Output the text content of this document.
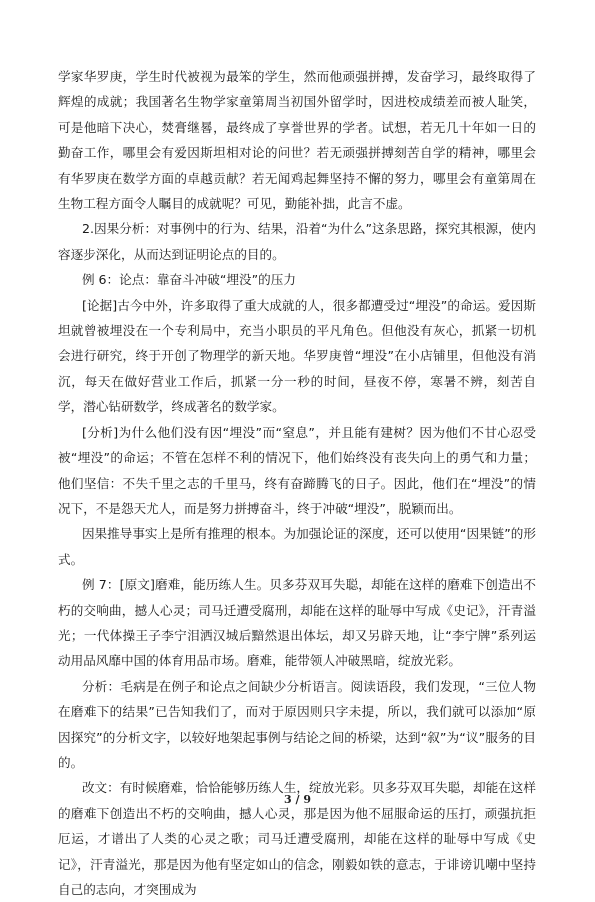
学家华罗庚，学生时代被视为最笨的学生，然而他顽强拼搏，发奋学习，最终取得了辉煌的成就；我国著名生物学家童第周当初国外留学时，因进校成绩差而被人耻笑，可是他暗下决心，焚膏继晷，最终成了享誉世界的学者。试想，若无几十年如一日的勤奋工作，哪里会有爱因斯坦相对论的问世？若无顽强拼搏刻苦自学的精神，哪里会有华罗庚在数学方面的卓越贡献？若无闻鸡起舞坚持不懈的努力，哪里会有童第周在生物工程方面令人瞩目的成就呢？可见，勤能补拙，此言不虚。

2.因果分析：对事例中的行为、结果，沿着“为什么”这条思路，探究其根源，使内容逐步深化，从而达到证明论点的目的。

例 6：论点：靠奋斗冲破“埋没”的压力

[论据]古今中外，许多取得了重大成就的人，很多都遭受过“埋没”的命运。爱因斯坦就曾被埋没在一个专利局中，充当小职员的平凡角色。但他没有灰心，抓紧一切机会进行研究，终于开创了物理学的新天地。华罗庚曾“埋没”在小店铺里，但他没有消沉，每天在做好营业工作后，抓紧一分一秒的时间，昼夜不停，寒暑不辨，刻苦自学，潜心钻研数学，终成著名的数学家。

[分析]为什么他们没有因“埋没”而“窒息”，并且能有建树？因为他们不甘心忍受被“埋没”的命运；不管在怎样不利的情况下，他们始终没有丧失向上的勇气和力量；他们坚信：不失千里之志的千里马，终有奋蹄腾飞的日子。因此，他们在“埋没”的情况下，不是怨天尤人，而是努力拼搏奋斗，终于冲破“埋没”，脱颖而出。

因果推导事实上是所有推理的根本。为加强论证的深度，还可以使用“因果链”的形式。

例 7：[原文]磨难，能历练人生。贝多芬双耳失聪，却能在这样的磨难下创造出不朽的交响曲，撼人心灵；司马迁遭受腐刑，却能在这样的耻辱中写成《史记》，汗青溢光；一代体操王子李宁泪洒汉城后黯然退出体坛，却又另辟天地，让“李宁牌”系列运动用品风靡中国的体育用品市场。磨难，能带领人冲破黑暗，绽放光彩。

分析：毛病是在例子和论点之间缺少分析语言。阅读语段，我们发现，“三位人物在磨难下的结果”已告知我们了，而对于原因则只字未提，所以，我们就可以添加“原因探究”的分析文字，以较好地架起事例与结论之间的桥梁，达到“叙”为“议”服务的目的。

改文：有时候磨难，恰恰能够历练人生，绽放光彩。贝多芬双耳失聪，却能在这样的磨难下创造出不朽的交响曲，撼人心灵，那是因为他不屈服命运的压打，顽强抗拒厄运，才谱出了人类的心灵之歌；司马迁遭受腐刑，却能在这样的耻辱中写成《史记》，汗青溢光，那是因为他有坚定如山的信念，刚毅如铁的意志，于诽谤讥嘲中坚持自己的志向，才突围成为

3 / 9
